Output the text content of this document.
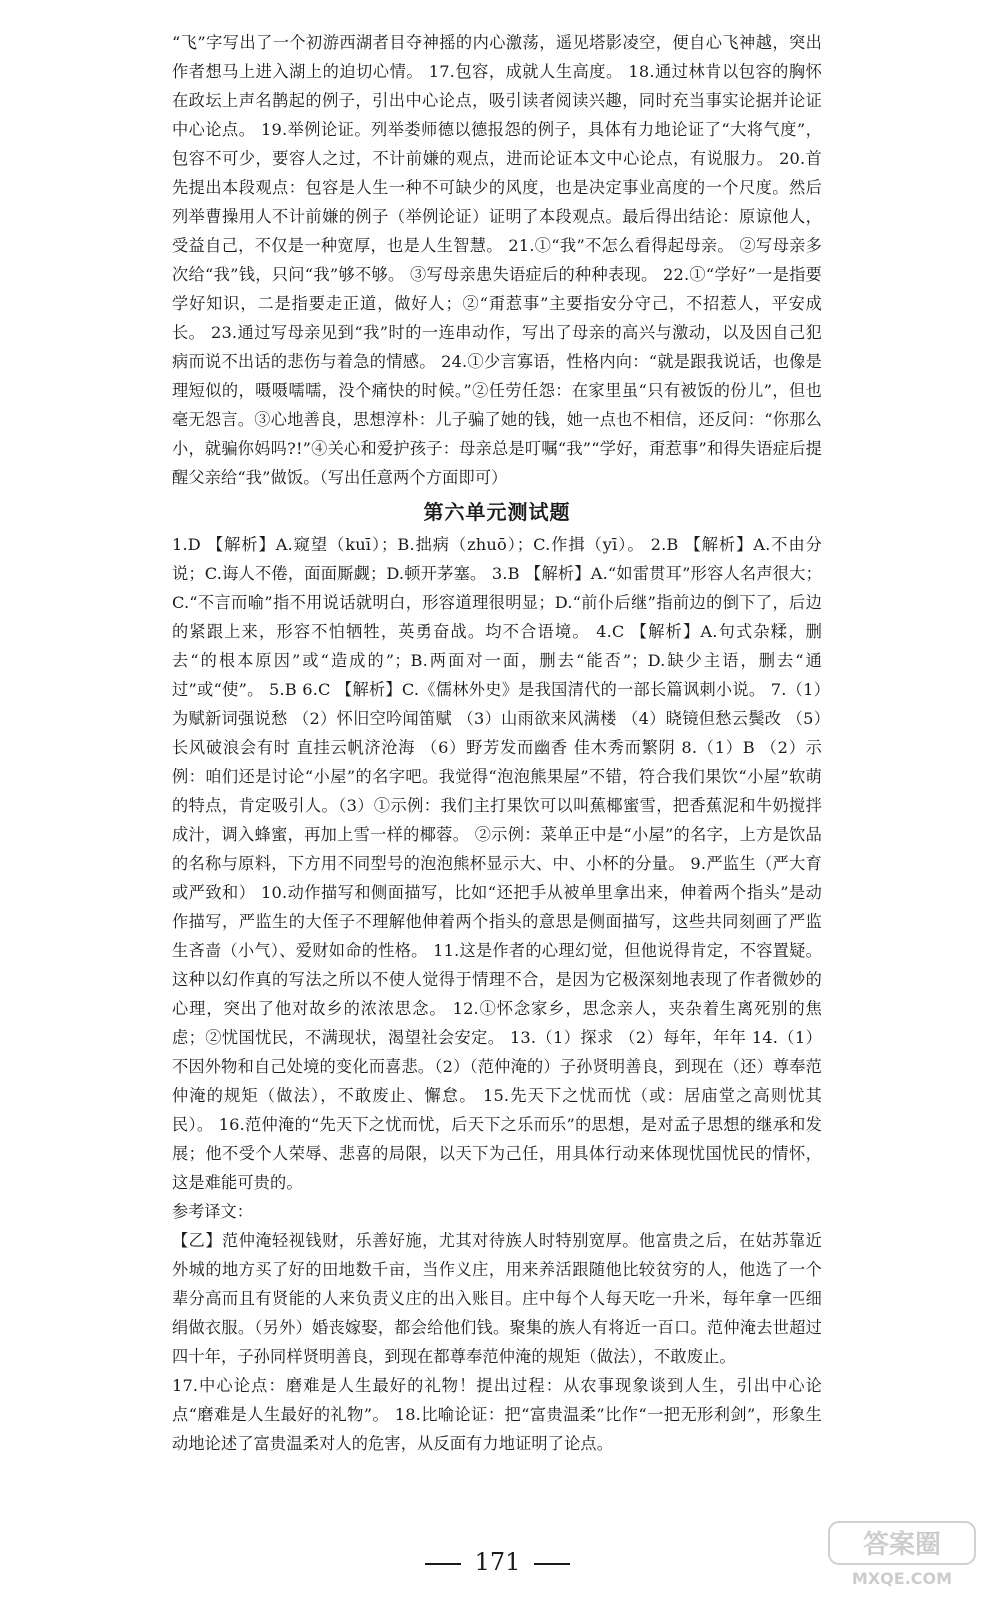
“飞”字写出了一个初游西湖者目夺神摇的内心激荡，遥见塔影凌空，便自心飞神越，突出作者想马上进入湖上的迫切心情。 17.包容，成就人生高度。 18.通过林肯以包容的胸怀在政坛上声名鹊起的例子，引出中心论点，吸引读者阅读兴趣，同时充当事实论据并论证中心论点。 19.举例论证。列举娄师德以德报怨的例子，具体有力地论证了“大将气度”，包容不可少，要容人之过，不计前嫌的观点，进而论证本文中心论点，有说服力。 20.首先提出本段观点：包容是人生一种不可缺少的风度，也是决定事业高度的一个尺度。然后列举曹操用人不计前嫌的例子（举例论证）证明了本段观点。最后得出结论：原谅他人，受益自己，不仅是一种宽厚，也是人生智慧。 21.①“我”不怎么看得起母亲。 ②写母亲多次给“我”钱，只问“我”够不够。 ③写母亲患失语症后的种种表现。 22.①“学好”一是指要学好知识，二是指要走正道，做好人；②“甭惹事”主要指安分守己，不招惹人，平安成长。 23.通过写母亲见到“我”时的一连串动作，写出了母亲的高兴与激动，以及因自己犯病而说不出话的悲伤与着急的情感。 24.①少言寡语，性格内向：“就是跟我说话，也像是理短似的，嗫嗫嚅嚅，没个痛快的时候。”②任劳任怨：在家里虽“只有被饭的份儿”，但也毫无怨言。③心地善良，思想淳朴：儿子骗了她的钱，她一点也不相信，还反问：“你那么小，就骗你妈吗?!”④关心和爱护孩子：母亲总是叮嘱“我”“学好，甭惹事”和得失语症后提醒父亲给“我”做饭。（写出任意两个方面即可）

第六单元测试题

1.D 【解析】A.窥望（kuī）；B.拙病（zhuō）；C.作揖（yī）。 2.B 【解析】A.不由分说；C.诲人不倦，面面厮觑；D.顿开茅塞。 3.B 【解析】A.“如雷贯耳”形容人名声很大；C.“不言而喻”指不用说话就明白，形容道理很明显；D.“前仆后继”指前边的倒下了，后边的紧跟上来，形容不怕牺牲，英勇奋战。均不合语境。 4.C 【解析】A.句式杂糅，删去“的根本原因”或“造成的”；B.两面对一面，删去“能否”；D.缺少主语，删去“通过”或“使”。 5.B 6.C 【解析】C.《儒林外史》是我国清代的一部长篇讽刺小说。 7.（1）为赋新词强说愁 （2）怀旧空吟闻笛赋 （3）山雨欲来风满楼 （4）晓镜但愁云鬓改 （5）长风破浪会有时 直挂云帆济沧海 （6）野芳发而幽香 佳木秀而繁阴 8.（1）B （2）示例：咱们还是讨论“小屋”的名字吧。我觉得“泡泡熊果屋”不错，符合我们果饮“小屋”软萌的特点，肯定吸引人。（3）①示例：我们主打果饮可以叫蕉椰蜜雪，把香蕉泥和牛奶搅拌成汁，调入蜂蜜，再加上雪一样的椰蓉。 ②示例：菜单正中是“小屋”的名字，上方是饮品的名称与原料，下方用不同型号的泡泡熊杯显示大、中、小杯的分量。 9.严监生（严大育或严致和） 10.动作描写和侧面描写，比如“还把手从被单里拿出来，伸着两个指头”是动作描写，严监生的大侄子不理解他伸着两个指头的意思是侧面描写，这些共同刻画了严监生吝啬（小气）、爱财如命的性格。 11.这是作者的心理幻觉，但他说得肯定，不容置疑。这种以幻作真的写法之所以不使人觉得于情理不合，是因为它极深刻地表现了作者微妙的心理，突出了他对故乡的浓浓思念。 12.①怀念家乡，思念亲人，夹杂着生离死别的焦虑；②忧国忧民，不满现状，渴望社会安定。 13.（1）探求 （2）每年，年年 14.（1）不因外物和自己处境的变化而喜悲。（2）（范仲淹的）子孙贤明善良，到现在（还）尊奉范仲淹的规矩（做法），不敢废止、懈怠。 15.先天下之忧而忧（或：居庙堂之高则忧其民）。 16.范仲淹的“先天下之忧而忧，后天下之乐而乐”的思想，是对孟子思想的继承和发展；他不受个人荣辱、悲喜的局限，以天下为己任，用具体行动来体现忧国忧民的情怀，这是难能可贵的。

参考译文：

【乙】范仲淹轻视钱财，乐善好施，尤其对待族人时特别宽厚。他富贵之后，在姑苏靠近外城的地方买了好的田地数千亩，当作义庄，用来养活跟随他比较贫穷的人，他选了一个辈分高而且有贤能的人来负责义庄的出入账目。庄中每个人每天吃一升米，每年拿一匹细绢做衣服。（另外）婚丧嫁娶，都会给他们钱。聚集的族人有将近一百口。范仲淹去世超过四十年，子孙同样贤明善良，到现在都尊奉范仲淹的规矩（做法），不敢废止。

17.中心论点：磨难是人生最好的礼物！提出过程：从农事现象谈到人生，引出中心论点“磨难是人生最好的礼物”。 18.比喻论证：把“富贵温柔”比作“一把无形利剑”，形象生动地论述了富贵温柔对人的危害，从反面有力地证明了论点。

171
答案圈
MXQE.COM
